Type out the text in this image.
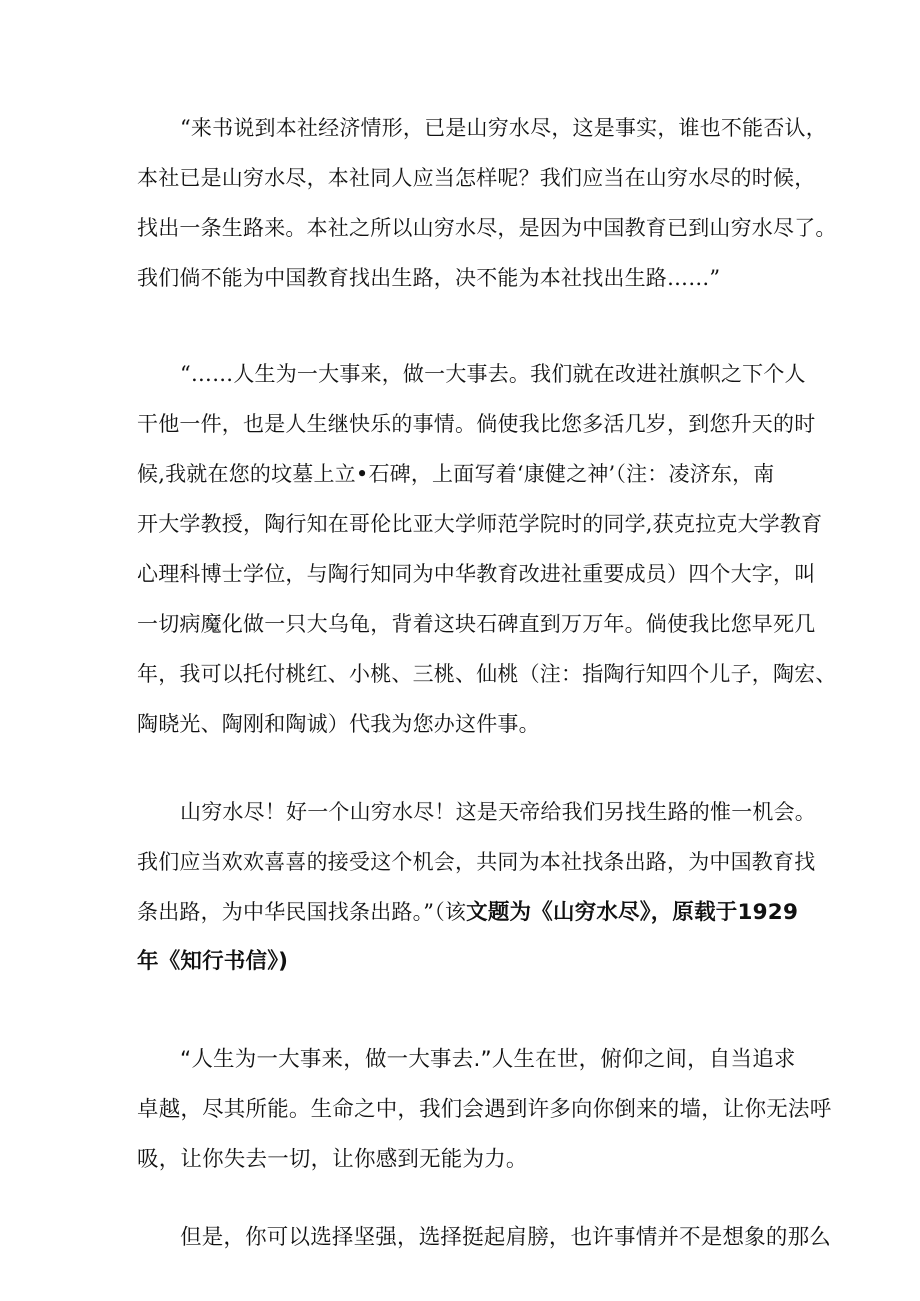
“来书说到本社经济情形，已是山穷水尽，这是事实，谁也不能否认，
本社已是山穷水尽，本社同人应当怎样呢？我们应当在山穷水尽的时候，
找出一条生路来。本社之所以山穷水尽，是因为中国教育已到山穷水尽了。
我们倘不能为中国教育找出生路，决不能为本社找出生路……”
“……人生为一大事来，做一大事去。我们就在改进社旗帜之下个人
干他一件，也是人生继快乐的事情。倘使我比您多活几岁，到您升天的时
候,我就在您的坟墓上立•石碑，上面写着‘康健之神’（注：凌济东，南
开大学教授，陶行知在哥伦比亚大学师范学院时的同学,获克拉克大学教育
心理科博士学位，与陶行知同为中华教育改进社重要成员）四个大字，叫
一切病魔化做一只大乌龟，背着这块石碑直到万万年。倘使我比您早死几
年，我可以托付桃红、小桃、三桃、仙桃（注：指陶行知四个儿子，陶宏、
陶晓光、陶刚和陶诚）代我为您办这件事。
山穷水尽！好一个山穷水尽！这是天帝给我们另找生路的惟一机会。
我们应当欢欢喜喜的接受这个机会，共同为本社找条出路，为中国教育找
条出路，为中华民国找条出路。”（该文题为《山穷水尽》，原载于1929
年《知行书信》)
“人生为一大事来，做一大事去.”人生在世，俯仰之间，自当追求
卓越，尽其所能。生命之中，我们会遇到许多向你倒来的墙，让你无法呼
吸，让你失去一切，让你感到无能为力。
但是，你可以选择坚强，选择挺起肩膀，也许事情并不是想象的那么
